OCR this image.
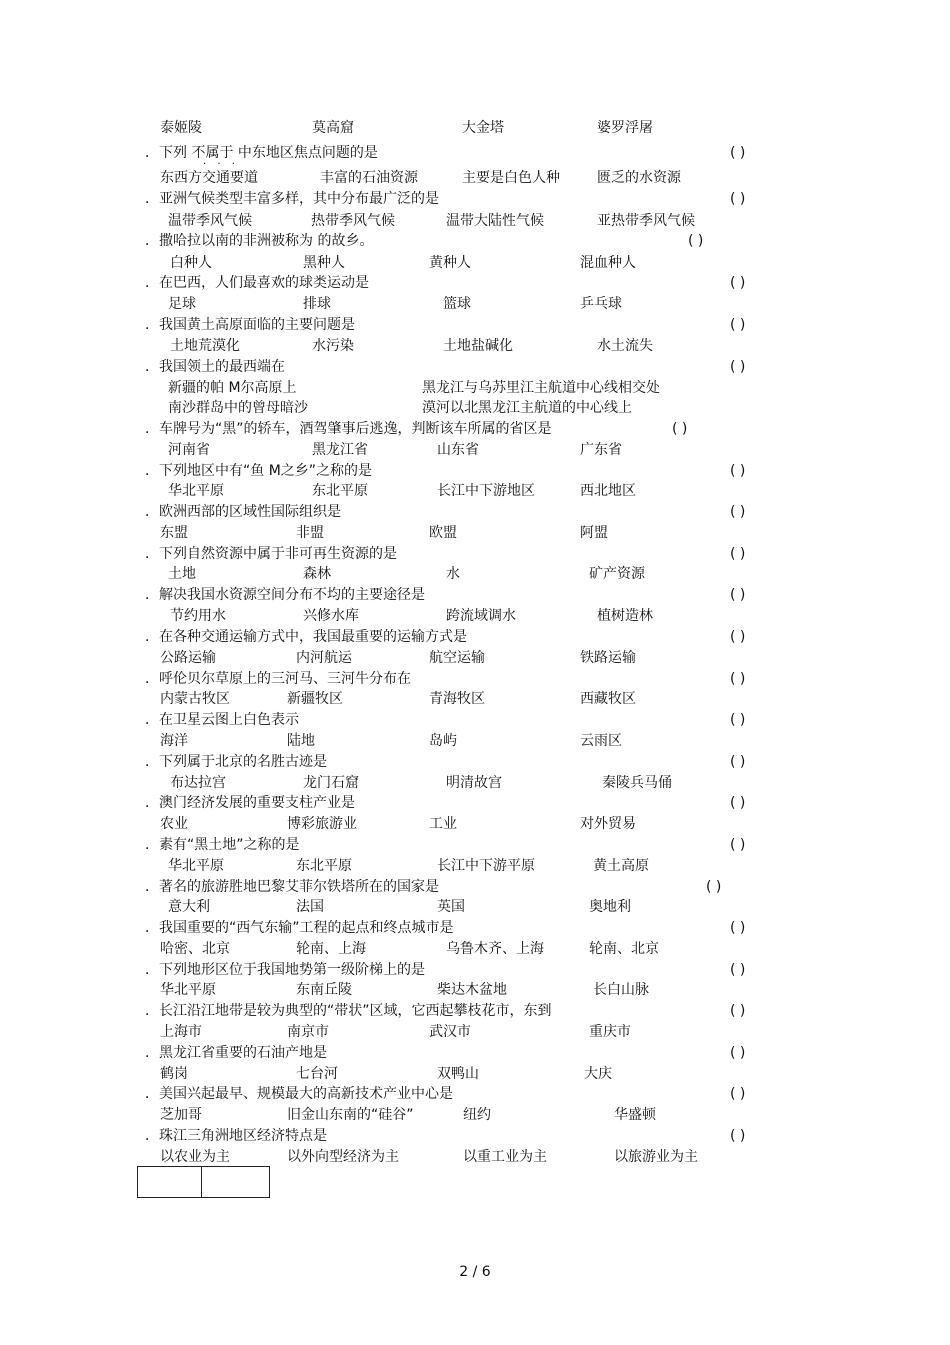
泰姬陵	莫高窟	大金塔	婆罗浮屠
．下列 不属于 中东地区焦点问题的是	( )
东西方交通要道	丰富的石油资源	主要是白色人种	匮乏的水资源
．亚洲气候类型丰富多样，其中分布最广泛的是	( )
温带季风气候	热带季风气候	温带大陆性气候	亚热带季风气候
．撒哈拉以南的非洲被称为 的故乡。	( )
白种人	黑种人	黄种人	混血种人
．在巴西，人们最喜欢的球类运动是	( )
足球	排球	篮球	乒乓球
．我国黄土高原面临的主要问题是	( )
土地荒漠化	水污染	土地盐碱化	水土流失
．我国领土的最西端在	( )
新疆的帕 M尔高原上	黑龙江与乌苏里江主航道中心线相交处
南沙群岛中的曾母暗沙	漠河以北黑龙江主航道的中心线上
．车牌号为“黑”的轿车，酒驾肇事后逃逸，判断该车所属的省区是	( )
河南省	黑龙江省	山东省	广东省
．下列地区中有“鱼 M之乡”之称的是	( )
华北平原	东北平原	长江中下游地区	西北地区
．欧洲西部的区域性国际组织是	( )
东盟	非盟	欧盟	阿盟
．下列自然资源中属于非可再生资源的是	( )
土地	森林	水	矿产资源
．解决我国水资源空间分布不均的主要途径是	( )
节约用水	兴修水库	跨流域调水	植树造林
．在各种交通运输方式中，我国最重要的运输方式是	( )
公路运输	内河航运	航空运输	铁路运输
．呼伦贝尔草原上的三河马、三河牛分布在	( )
内蒙古牧区	新疆牧区	青海牧区	西藏牧区
．在卫星云图上白色表示	( )
海洋	陆地	岛屿	云雨区
．下列属于北京的名胜古迹是	( )
布达拉宫	龙门石窟	明清故宫	秦陵兵马俑
．澳门经济发展的重要支柱产业是	( )
农业	博彩旅游业	工业	对外贸易
．素有“黑土地”之称的是	( )
华北平原	东北平原	长江中下游平原	黄土高原
．著名的旅游胜地巴黎艾菲尔铁塔所在的国家是	( )
意大利	法国	英国	奥地利
．我国重要的“西气东输”工程的起点和终点城市是	( )
哈密、北京	轮南、上海	乌鲁木齐、上海	轮南、北京
．下列地形区位于我国地势第一级阶梯上的是	( )
华北平原	东南丘陵	柴达木盆地	长白山脉
．长江沿江地带是较为典型的“带状”区域，它西起攀枝花市，东到	( )
上海市	南京市	武汉市	重庆市
．黑龙江省重要的石油产地是	( )
鹤岗	七台河	双鸭山	大庆
．美国兴起最早、规模最大的高新技术产业中心是	( )
芝加哥	旧金山东南的“硅谷”	纽约	华盛顿
．珠江三角洲地区经济特点是	( )
以农业为主	以外向型经济为主	以重工业为主	以旅游业为主
· · ·
2 / 6
